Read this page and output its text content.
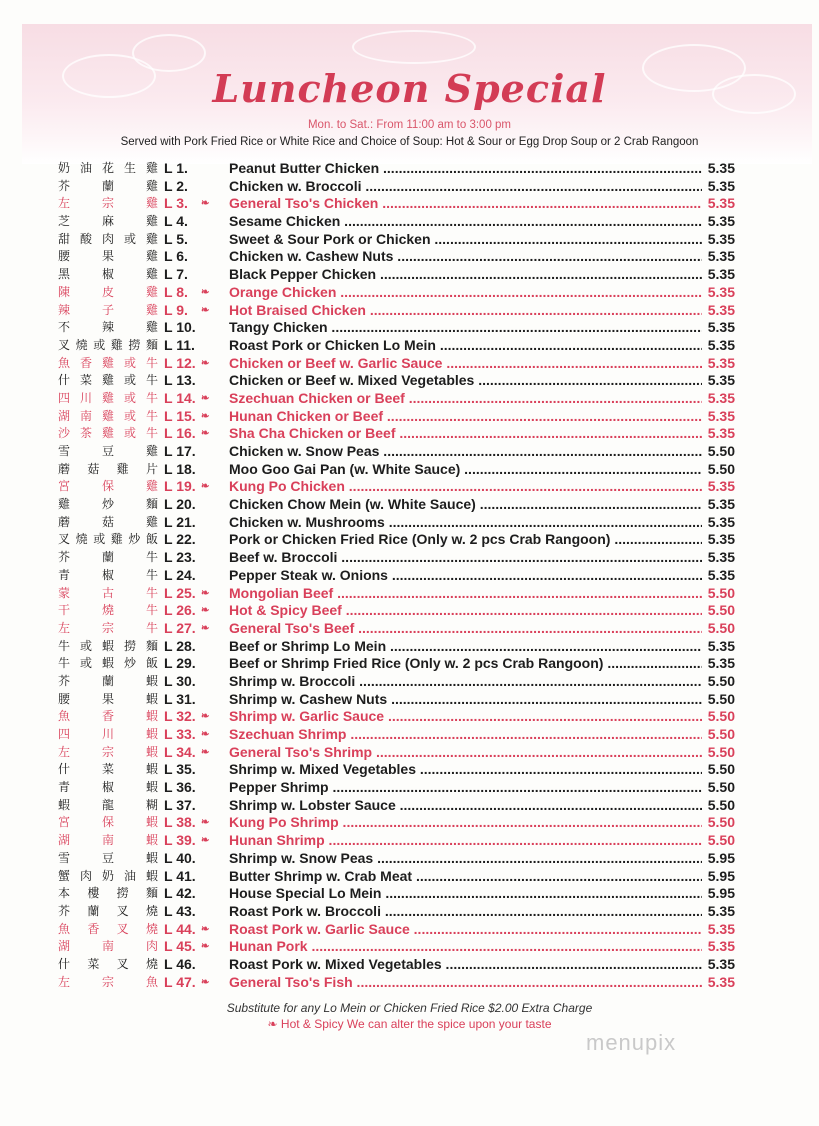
Luncheon Special
Mon. to Sat.: From 11:00 am to 3:00 pm
Served with Pork Fried Rice or White Rice and Choice of Soup: Hot & Sour or Egg Drop Soup or 2 Crab Rangoon
奶 油 花 生 雞 L 1.	Peanut Butter Chicken .....	5.35
芥	蘭	雞 L 2.	Chicken w. Broccoli .....	5.35
左	宗	雞 L 3.	❧ General Tso's Chicken .....	5.35
芝	麻	雞 L 4.	Sesame Chicken .....	5.35
甜 酸 肉 或 雞 L 5.	Sweet & Sour Pork or Chicken .....	5.35
腰	果	雞 L 6.	Chicken w. Cashew Nuts .....	5.35
黑	椒	雞 L 7.	Black Pepper Chicken .....	5.35
陳	皮	雞 L 8.	❧ Orange Chicken .....	5.35
辣	子	雞 L 9.	❧ Hot Braised Chicken .....	5.35
不	辣	雞 L 10.	Tangy Chicken .....	5.35
叉 燒 或 雞 撈 麵 L 11.	Roast Pork or Chicken Lo Mein .....	5.35
魚 香 雞 或 牛 L 12. ❧ Chicken or Beef w. Garlic Sauce .....	5.35
什 菜 雞 或 牛 L 13.	Chicken or Beef w. Mixed Vegetables .....	5.35
四 川 雞 或 牛 L 14. ❧ Szechuan Chicken or Beef .....	5.35
湖 南 雞 或 牛 L 15. ❧ Hunan Chicken or Beef .....	5.35
沙 茶 雞 或 牛 L 16. ❧ Sha Cha Chicken or Beef .....	5.35
雪	豆	雞 L 17.	Chicken w. Snow Peas .....	5.50
蘑 菇 雞 片 L 18.	Moo Goo Gai Pan (w. White Sauce) .....	5.50
宮	保	雞 L 19. ❧ Kung Po Chicken .....	5.35
雞	炒	麵 L 20.	Chicken Chow Mein (w. White Sauce) .....	5.35
蘑	菇	雞 L 21.	Chicken w. Mushrooms .....	5.35
叉 燒 或 雞 炒 飯 L 22.	Pork or Chicken Fried Rice (Only w. 2 pcs Crab Rangoon) .....	5.35
芥	蘭	牛 L 23.	Beef w. Broccoli .....	5.35
青	椒	牛 L 24.	Pepper Steak w. Onions .....	5.35
蒙	古	牛 L 25. ❧ Mongolian Beef .....	5.50
干	燒	牛 L 26. ❧ Hot & Spicy Beef .....	5.50
左	宗	牛 L 27. ❧ General Tso's Beef .....	5.50
牛 或 蝦 撈 麵 L 28.	Beef or Shrimp Lo Mein .....	5.35
牛 或 蝦 炒 飯 L 29.	Beef or Shrimp Fried Rice (Only w. 2 pcs Crab Rangoon) .....	5.35
芥	蘭	蝦 L 30.	Shrimp w. Broccoli .....	5.50
腰	果	蝦 L 31.	Shrimp w. Cashew Nuts .....	5.50
魚	香	蝦 L 32. ❧ Shrimp w. Garlic Sauce .....	5.50
四	川	蝦 L 33. ❧ Szechuan Shrimp .....	5.50
左	宗	蝦 L 34. ❧ General Tso's Shrimp .....	5.50
什	菜	蝦 L 35.	Shrimp w. Mixed Vegetables .....	5.50
青	椒	蝦 L 36.	Pepper Shrimp .....	5.50
蝦	龍	糊 L 37.	Shrimp w. Lobster Sauce .....	5.50
宮	保	蝦 L 38. ❧ Kung Po Shrimp .....	5.50
湖	南	蝦 L 39. ❧ Hunan Shrimp .....	5.50
雪	豆	蝦 L 40.	Shrimp w. Snow Peas .....	5.95
蟹 肉 奶 油 蝦 L 41.	Butter Shrimp w. Crab Meat .....	5.95
本 樓 撈 麵 L 42.	House Special Lo Mein .....	5.95
芥 蘭 叉 燒 L 43.	Roast Pork w. Broccoli .....	5.35
魚 香 叉 燒 L 44. ❧ Roast Pork w. Garlic Sauce .....	5.35
湖	南	肉 L 45. ❧ Hunan Pork .....	5.35
什 菜 叉 燒 L 46.	Roast Pork w. Mixed Vegetables .....	5.35
左	宗	魚 L 47. ❧ General Tso's Fish .....	5.35
Substitute for any Lo Mein or Chicken Fried Rice $2.00 Extra Charge
❧ Hot & Spicy We can alter the spice upon your taste
menupix
